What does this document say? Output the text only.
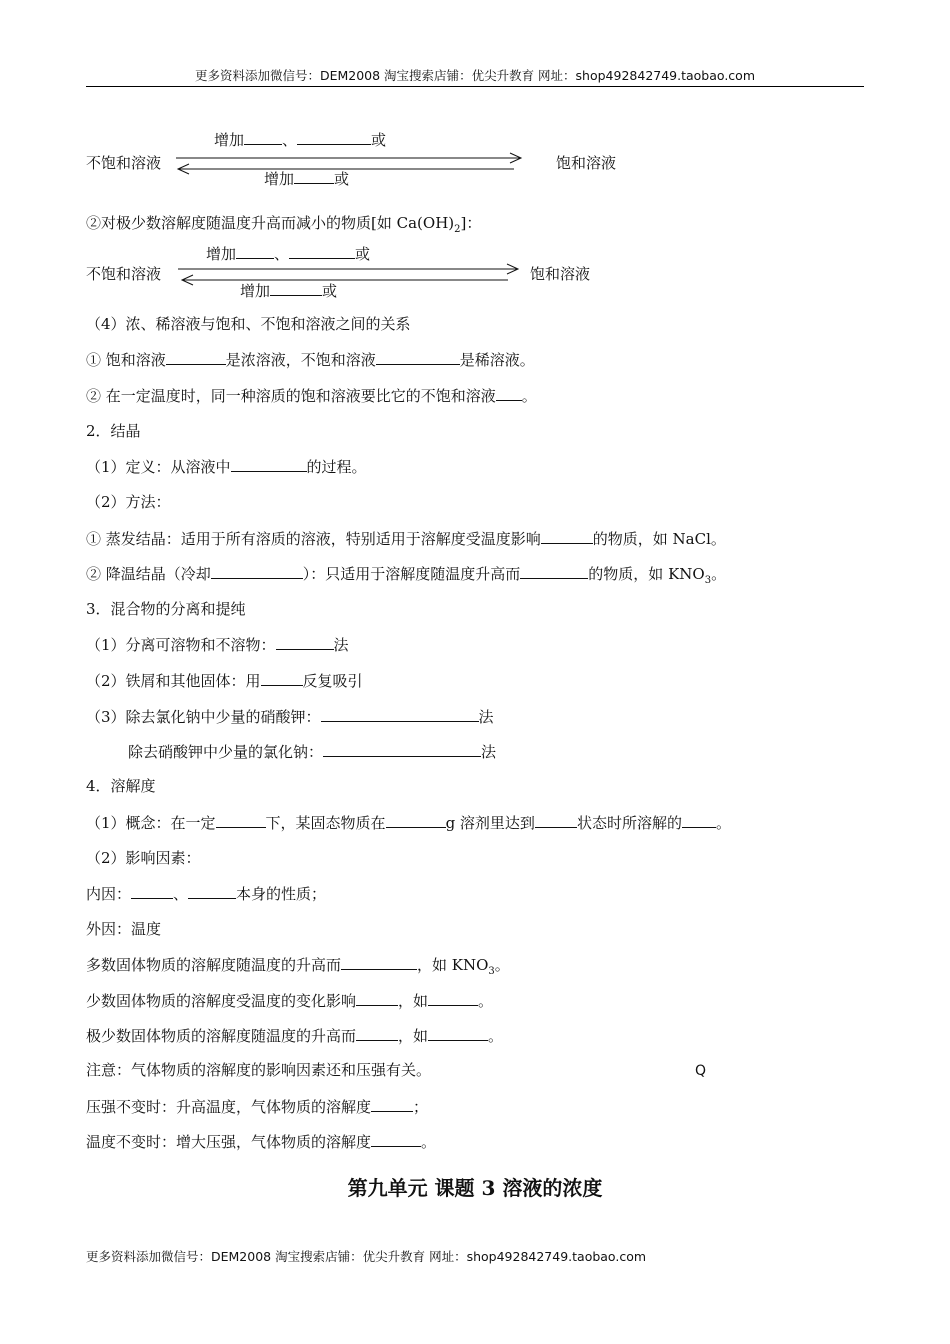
更多资料添加微信号：DEM2008 淘宝搜索店铺：优尖升教育 网址：shop492842749.taobao.com
增加	、	或
不饱和溶液	饱和溶液
增加	或
②对极少数溶解度随温度升高而减小的物质[如 $Ca(OH)_2$]：
增加	、	或
不饱和溶液	饱和溶液
增加	或
（4）浓、稀溶液与饱和、不饱和溶液之间的关系
① 饱和溶液	是浓溶液，不饱和溶液	是稀溶液。
② 在一定温度时，同一种溶质的饱和溶液要比它的不饱和溶液 。
2．结晶
（1）定义：从溶液中	的过程。
（2）方法：
① 蒸发结晶：适用于所有溶质的溶液，特别适用于溶解度受温度影响	的物质，如 NaCl。
② 降温结晶（冷却	）：只适用于溶解度随温度升高而	的物质，如 $KNO_3$。
3．混合物的分离和提纯
（1）分离可溶物和不溶物：	法
（2）铁屑和其他固体：用	反复吸引
（3）除去氯化钠中少量的硝酸钾：	法
除去硝酸钾中少量的氯化钠：	法
4．溶解度
（1）概念：在一定	下，某固态物质在	g 溶剂里达到	状态时所溶解的 。
（2）影响因素：
内因：	、	本身的性质；
外因：温度
多数固体物质的溶解度随温度的升高而	，如 $KNO_3$。
少数固体物质的溶解度受温度的变化影响	，如	。
极少数固体物质的溶解度随温度的升高而	，如	。
注意：气体物质的溶解度的影响因素还和压强有关。	Q
压强不变时：升高温度，气体物质的溶解度	；
温度不变时：增大压强，气体物质的溶解度	。
第九单元 课题 3 溶液的浓度
更多资料添加微信号：DEM2008 淘宝搜索店铺：优尖升教育 网址：shop492842749.taobao.com
